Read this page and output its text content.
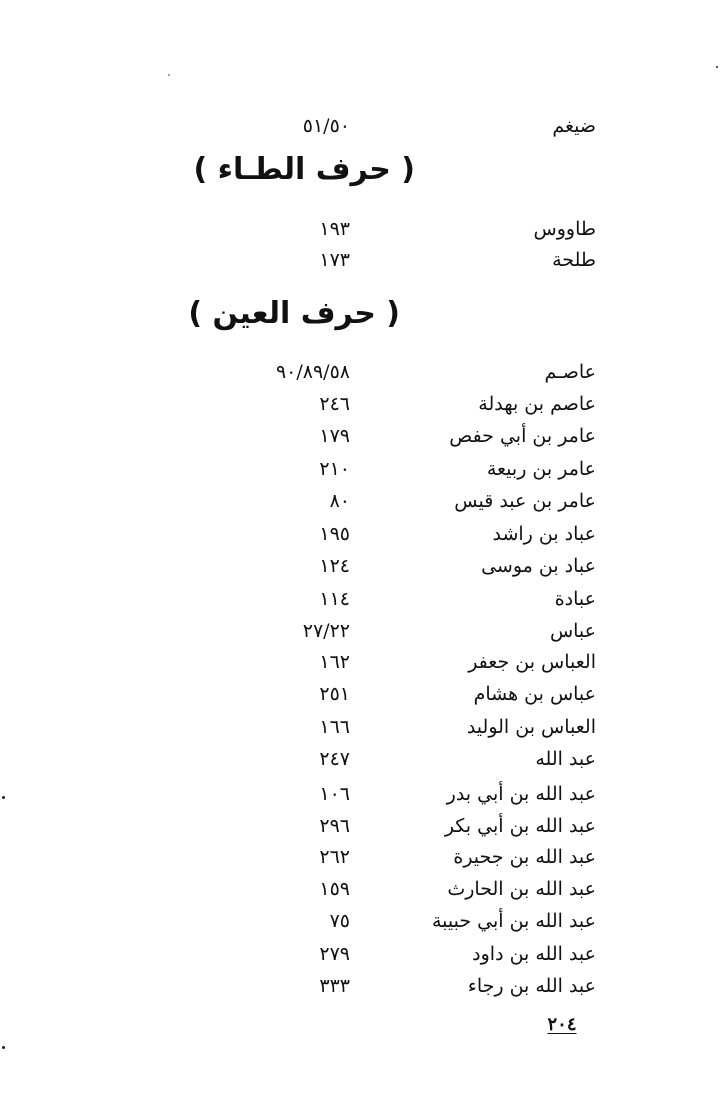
ضيغم
٥١/٥٠
( حرف الطـاء )
طاووس
١٩٣
طلحة
١٧٣
( حرف العين )
عاصـم
٩٠/٨٩/٥٨
عاصم بن بهدلة
٢٤٦
عامر بن أبي حفص
١٧٩
عامر بن ربيعة
٢١٠
عامر بن عبد قيس
٨٠
عباد بن راشد
١٩٥
عباد بن موسى
١٢٤
عبادة
١١٤
عباس
٢٧/٢٢
العباس بن جعفر
١٦٢
عباس بن هشام
٢٥١
العباس بن الوليد
١٦٦
عبد الله
٢٤٧
عبد الله بن أبي بدر
١٠٦
عبد الله بن أبي بكر
٢٩٦
عبد الله بن جحيرة
٢٦٢
عبد الله بن الحارث
١٥٩
عبد الله بن أبي حبيبة
٧٥
عبد الله بن داود
٢٧٩
عبد الله بن رجاء
٣٣٣
٢٠٤
